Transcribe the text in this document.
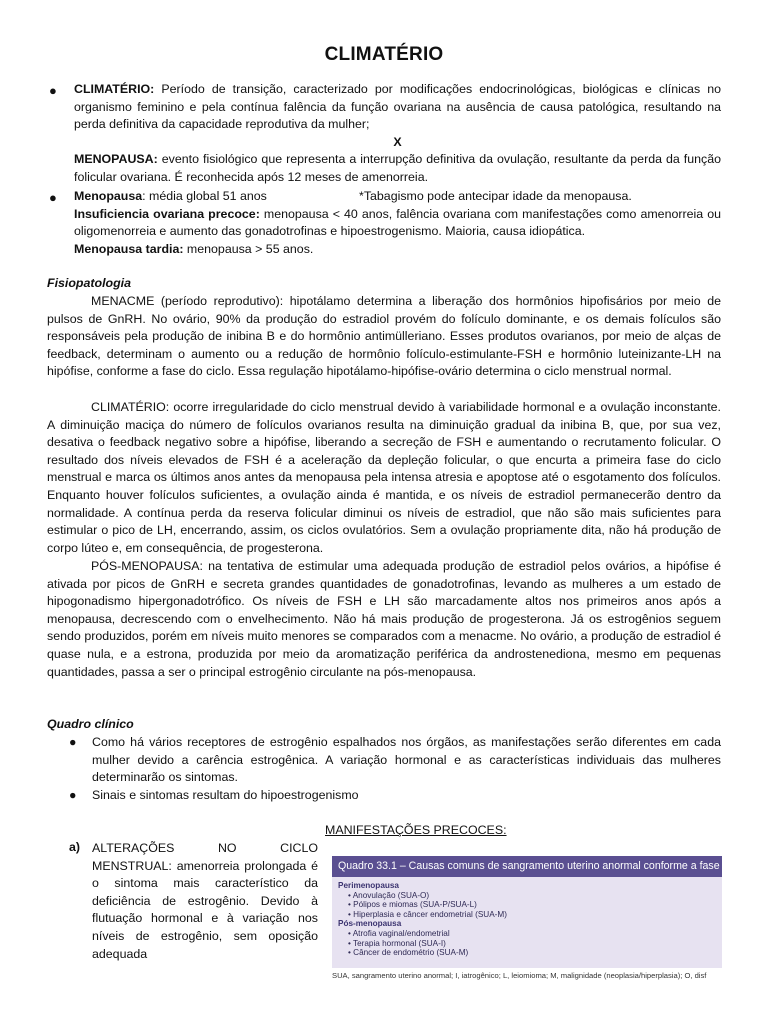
CLIMATÉRIO
● CLIMATÉRIO: Período de transição, caracterizado por modificações endocrinológicas, biológicas e clínicas no organismo feminino e pela contínua falência da função ovariana na ausência de causa patológica, resultando na perda definitiva da capacidade reprodutiva da mulher;
X
MENOPAUSA: evento fisiológico que representa a interrupção definitiva da ovulação, resultante da perda da função folicular ovariana. É reconhecida após 12 meses de amenorreia.
● Menopausa: média global 51 anos	*Tabagismo pode antecipar idade da menopausa.
Insuficiencia ovariana precoce: menopausa < 40 anos, falência ovariana com manifestações como amenorreia ou oligomenorreia e aumento das gonadotrofinas e hipoestrogenismo. Maioria, causa idiopática.
Menopausa tardia: menopausa > 55 anos.
Fisiopatologia
MENACME (período reprodutivo): hipotálamo determina a liberação dos hormônios hipofisários por meio de pulsos de GnRH. No ovário, 90% da produção do estradiol provém do folículo dominante, e os demais folículos são responsáveis pela produção de inibina B e do hormônio antimülleriano. Esses produtos ovarianos, por meio de alças de feedback, determinam o aumento ou a redução de hormônio folículo-estimulante-FSH e hormônio luteinizante-LH na hipófise, conforme a fase do ciclo. Essa regulação hipotálamo-hipófise-ovário determina o ciclo menstrual normal.
CLIMATÉRIO: ocorre irregularidade do ciclo menstrual devido à variabilidade hormonal e a ovulação inconstante. A diminuição maciça do número de folículos ovarianos resulta na diminuição gradual da inibina B, que, por sua vez, desativa o feedback negativo sobre a hipófise, liberando a secreção de FSH e aumentando o recrutamento folicular. O resultado dos níveis elevados de FSH é a aceleração da depleção folicular, o que encurta a primeira fase do ciclo menstrual e marca os últimos anos antes da menopausa pela intensa atresia e apoptose até o esgotamento dos folículos. Enquanto houver folículos suficientes, a ovulação ainda é mantida, e os níveis de estradiol permanecerão dentro da normalidade. A contínua perda da reserva folicular diminui os níveis de estradiol, que não são mais suficientes para estimular o pico de LH, encerrando, assim, os ciclos ovulatórios. Sem a ovulação propriamente dita, não há produção de corpo lúteo e, em consequência, de progesterona.
PÓS-MENOPAUSA: na tentativa de estimular uma adequada produção de estradiol pelos ovários, a hipófise é ativada por picos de GnRH e secreta grandes quantidades de gonadotrofinas, levando as mulheres a um estado de hipogonadismo hipergonadotrófico. Os níveis de FSH e LH são marcadamente altos nos primeiros anos após a menopausa, decrescendo com o envelhecimento. Não há mais produção de progesterona. Já os estrogênios seguem sendo produzidos, porém em níveis muito menores se comparados com a menacme. No ovário, a produção de estradiol é quase nula, e a estrona, produzida por meio da aromatização periférica da androstenediona, mesmo em pequenas quantidades, passa a ser o principal estrogênio circulante na pós-menopausa.
Quadro clínico
● Como há vários receptores de estrogênio espalhados nos órgãos, as manifestações serão diferentes em cada mulher devido a carência estrogênica. A variação hormonal e as características individuais das mulheres determinarão os sintomas.
● Sinais e sintomas resultam do hipoestrogenismo
MANIFESTAÇÕES PRECOCES:
a) ALTERAÇÕES NO CICLO MENSTRUAL: amenorreia prolongada é o sintoma mais característico da deficiência de estrogênio. Devido à flutuação hormonal e à variação nos níveis de estrogênio, sem oposição adequada
Quadro 33.1 – Causas comuns de sangramento uterino anormal conforme a fase
Perimenopausa
• Anovulação (SUA-O)
• Pólipos e miomas (SUA-P/SUA-L)
• Hiperplasia e câncer endometrial (SUA-M)
Pós-menopausa
• Atrofia vaginal/endometrial
• Terapia hormonal (SUA-I)
• Câncer de endométrio (SUA-M)
SUA, sangramento uterino anormal; I, iatrogênico; L, leiomioma; M, malignidade (neoplasia/hiperplasia); O, disf
